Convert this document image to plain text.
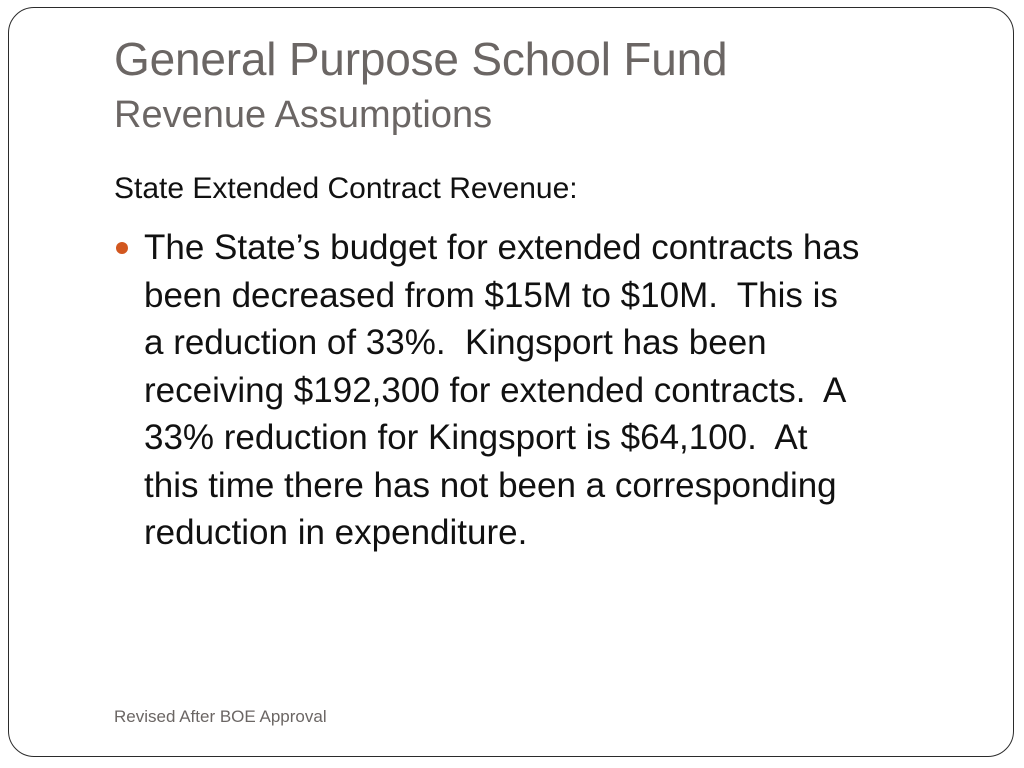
General Purpose School Fund
Revenue Assumptions
State Extended Contract Revenue:
The State’s budget for extended contracts has
been decreased from $15M to $10M.  This is
a reduction of 33%.  Kingsport has been
receiving $192,300 for extended contracts.  A
33% reduction for Kingsport is $64,100.  At
this time there has not been a corresponding
reduction in expenditure.
Revised After BOE Approval
